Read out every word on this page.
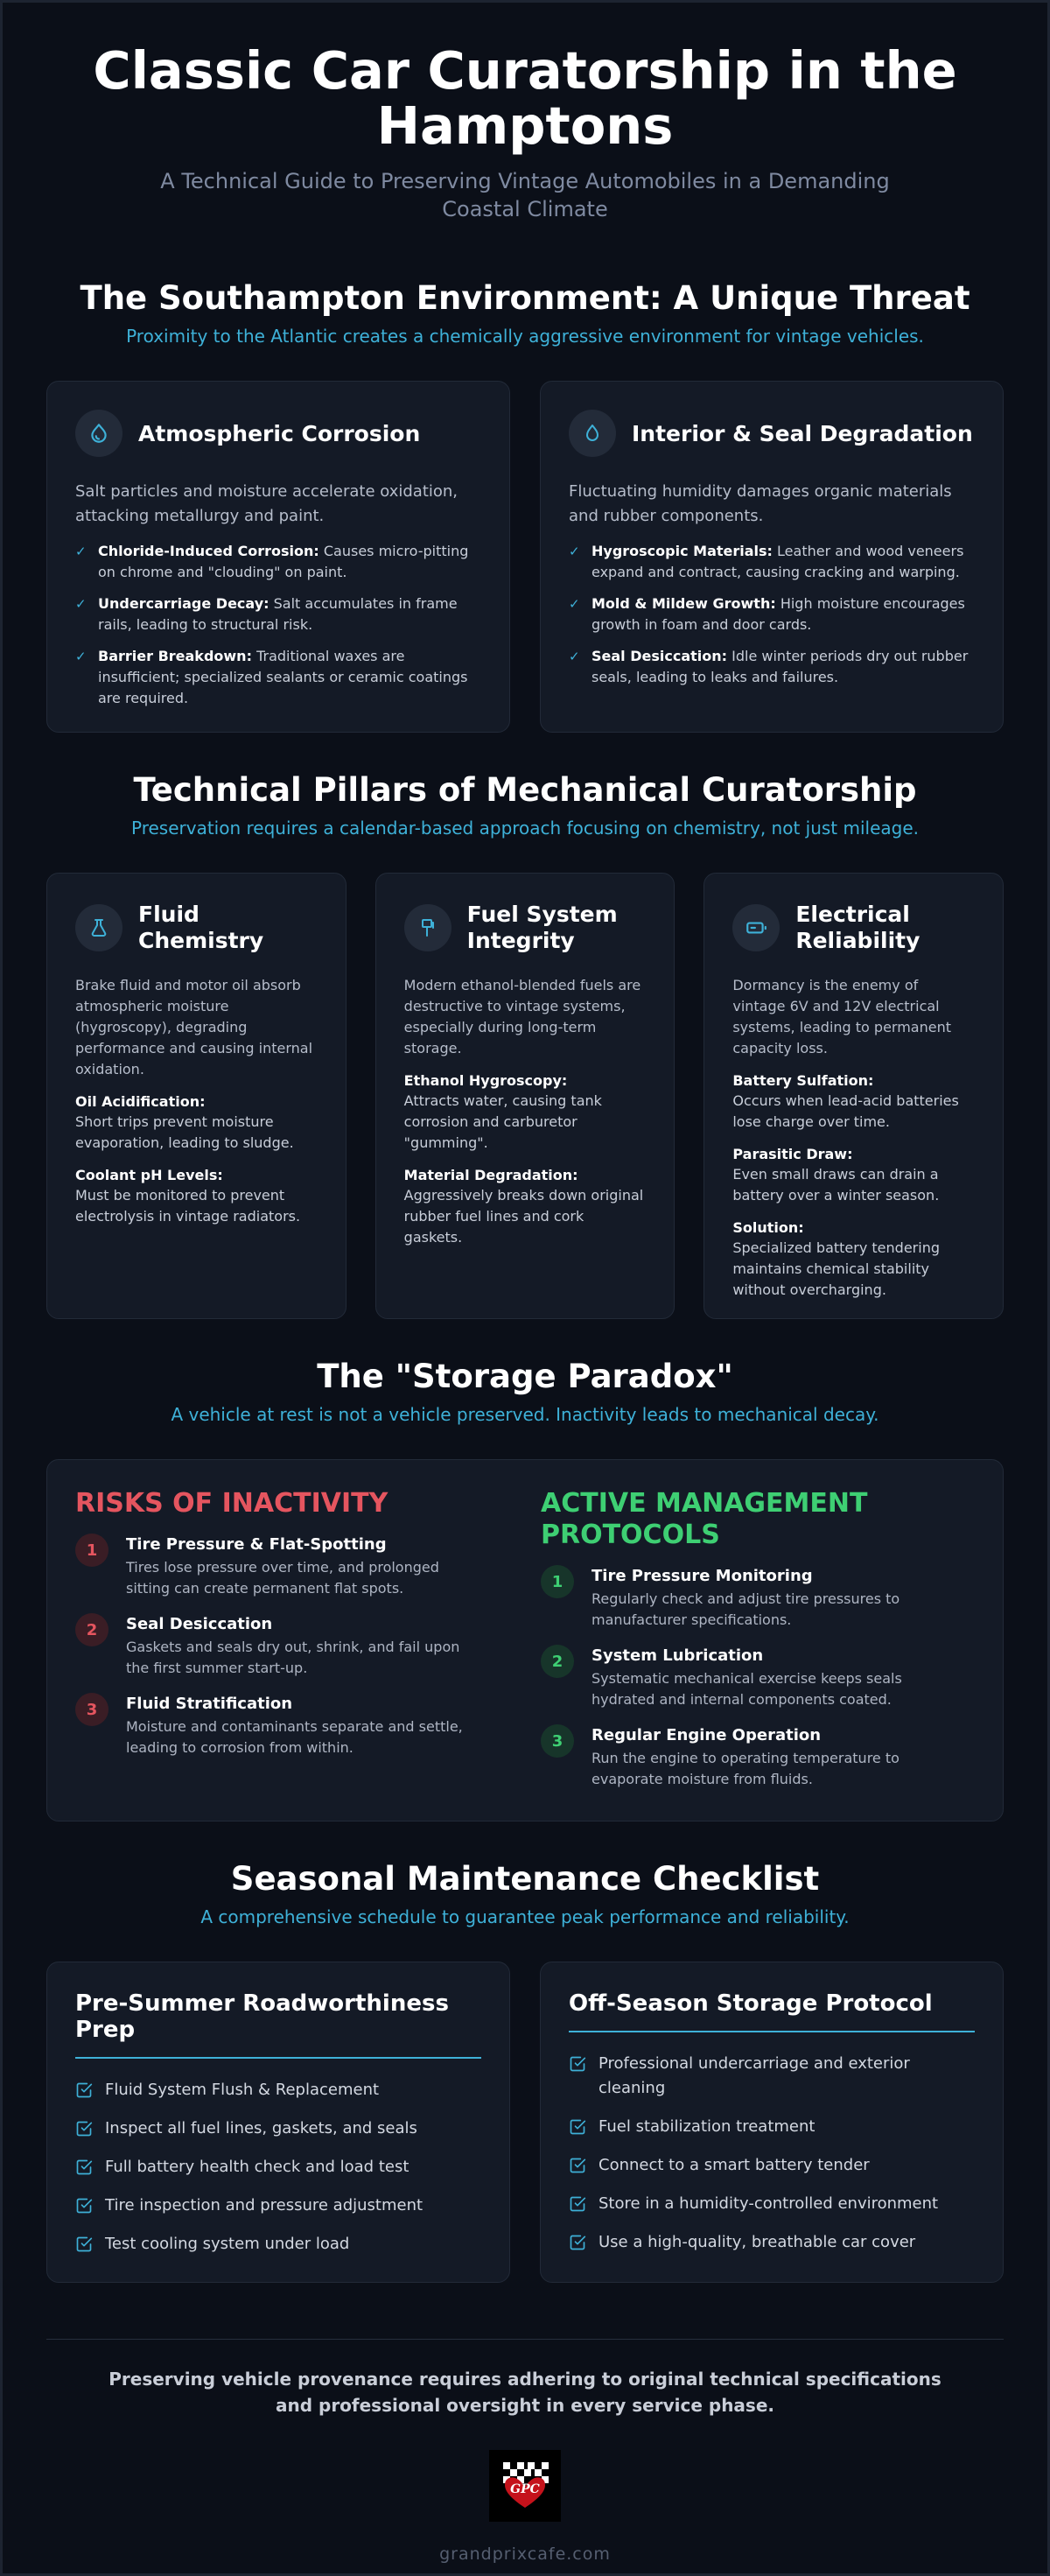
Classic Car Curatorship in the Hamptons

A Technical Guide to Preserving Vintage Automobiles in a Demanding Coastal Climate

The Southampton Environment: A Unique Threat

Proximity to the Atlantic creates a chemically aggressive environment for vintage vehicles.

Atmospheric Corrosion

Salt particles and moisture accelerate oxidation, attacking metallurgy and paint.

✓ Chloride-Induced Corrosion: Causes micro-pitting on chrome and "clouding" on paint.
✓ Undercarriage Decay: Salt accumulates in frame rails, leading to structural risk.
✓ Barrier Breakdown: Traditional waxes are insufficient; specialized sealants or ceramic coatings are required.
Interior & Seal Degradation

Fluctuating humidity damages organic materials and rubber components.

✓ Hygroscopic Materials: Leather and wood veneers expand and contract, causing cracking and warping.
✓ Mold & Mildew Growth: High moisture encourages growth in foam and door cards.
✓ Seal Desiccation: Idle winter periods dry out rubber seals, leading to leaks and failures.
Technical Pillars of Mechanical Curatorship

Preservation requires a calendar-based approach focusing on chemistry, not just mileage.

Fluid Chemistry

Brake fluid and motor oil absorb atmospheric moisture (hygroscopy), degrading performance and causing internal oxidation.

Oil Acidification:
Short trips prevent moisture evaporation, leading to sludge.
Coolant pH Levels:
Must be monitored to prevent electrolysis in vintage radiators.
Fuel System Integrity

Modern ethanol-blended fuels are destructive to vintage systems, especially during long-term storage.

Ethanol Hygroscopy:
Attracts water, causing tank corrosion and carburetor "gumming".
Material Degradation:
Aggressively breaks down original rubber fuel lines and cork gaskets.
Electrical Reliability

Dormancy is the enemy of vintage 6V and 12V electrical systems, leading to permanent capacity loss.

Battery Sulfation:
Occurs when lead-acid batteries lose charge over time.
Parasitic Draw:
Even small draws can drain a battery over a winter season.
Solution:
Specialized battery tendering maintains chemical stability without overcharging.
The "Storage Paradox"

A vehicle at rest is not a vehicle preserved. Inactivity leads to mechanical decay.

RISKS OF INACTIVITY
1	Tire Pressure & Flat-Spotting
Tires lose pressure over time, and prolonged sitting can create permanent flat spots.
2	Seal Desiccation
Gaskets and seals dry out, shrink, and fail upon the first summer start-up.
3	Fluid Stratification
Moisture and contaminants separate and settle, leading to corrosion from within.
ACTIVE MANAGEMENT PROTOCOLS
1	Tire Pressure Monitoring
Regularly check and adjust tire pressures to manufacturer specifications.
2	System Lubrication
Systematic mechanical exercise keeps seals hydrated and internal components coated.
3	Regular Engine Operation
Run the engine to operating temperature to evaporate moisture from fluids.
Seasonal Maintenance Checklist

A comprehensive schedule to guarantee peak performance and reliability.

Pre-Summer Roadworthiness Prep
Fluid System Flush & Replacement
Inspect all fuel lines, gaskets, and seals
Full battery health check and load test
Tire inspection and pressure adjustment
Test cooling system under load
Off-Season Storage Protocol
Professional undercarriage and exterior cleaning
Fuel stabilization treatment
Connect to a smart battery tender
Store in a humidity-controlled environment
Use a high-quality, breathable car cover

Preserving vehicle provenance requires adhering to original technical specifications and professional oversight in every service phase.

GPC
grandprixcafe.com
